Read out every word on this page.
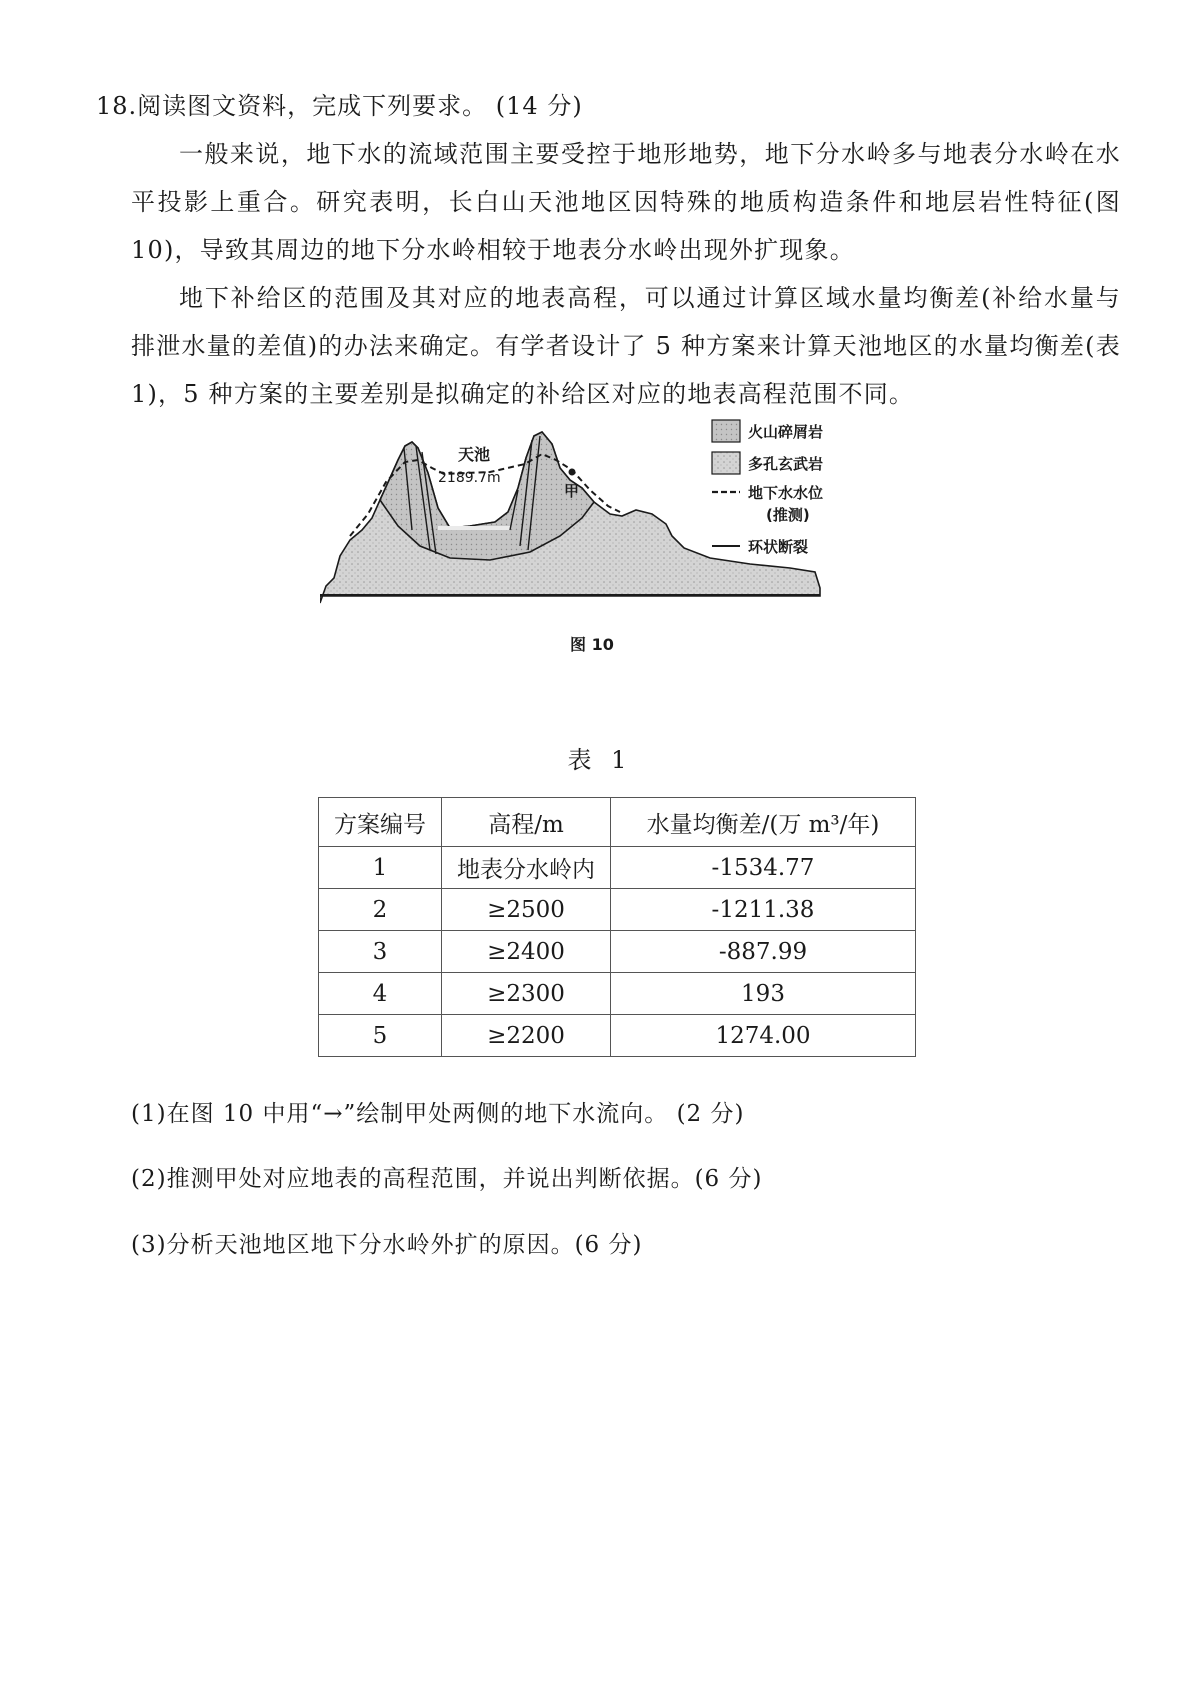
18.阅读图文资料，完成下列要求。 (14 分)
一般来说，地下水的流域范围主要受控于地形地势，地下分水岭多与地表分水岭在水平投影上重合。研究表明，长白山天池地区因特殊的地质构造条件和地层岩性特征(图 10)，导致其周边的地下分水岭相较于地表分水岭出现外扩现象。
地下补给区的范围及其对应的地表高程，可以通过计算区域水量均衡差(补给水量与排泄水量的差值)的办法来确定。有学者设计了 5 种方案来计算天池地区的水量均衡差(表 1)，5 种方案的主要差别是拟确定的补给区对应的地表高程范围不同。
甲
天池
2189.7m
火山碎屑岩
多孔玄武岩
地下水水位
(推测)
环状断裂
图 10
表 1
方案编号	高程/m	水量均衡差/(万 m³/年)
1	地表分水岭内	-1534.77
2	≥2500	-1211.38
3	≥2400	-887.99
4	≥2300	193
5	≥2200	1274.00
(1)在图 10 中用“→”绘制甲处两侧的地下水流向。 (2 分)
(2)推测甲处对应地表的高程范围，并说出判断依据。(6 分)
(3)分析天池地区地下分水岭外扩的原因。(6 分)
